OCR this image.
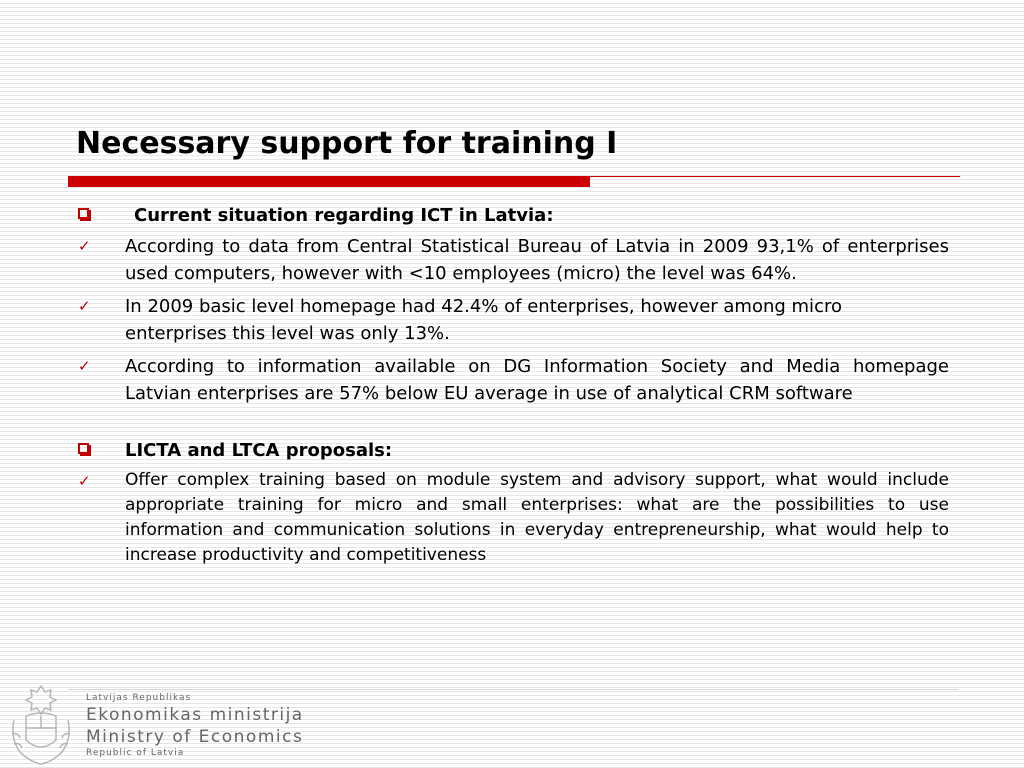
Necessary support for training I
Current situation regarding ICT in Latvia:
✓ According to data from Central Statistical Bureau of Latvia in 2009 93,1% of enterprises used computers, however with <10 employees (micro) the level was 64%.
✓ In 2009 basic level homepage had 42.4% of enterprises, however among micro enterprises this level was only 13%.
✓ According to information available on DG Information Society and Media homepage Latvian enterprises are 57% below EU average in use of analytical CRM software
LICTA and LTCA proposals:
✓ Offer complex training based on module system and advisory support, what would include appropriate training for micro and small enterprises: what are the possibilities to use information and communication solutions in everyday entrepreneurship, what would help to increase productivity and competitiveness
Latvijas Republikas
Ekonomikas ministrija
Ministry of Economics
Republic of Latvia
